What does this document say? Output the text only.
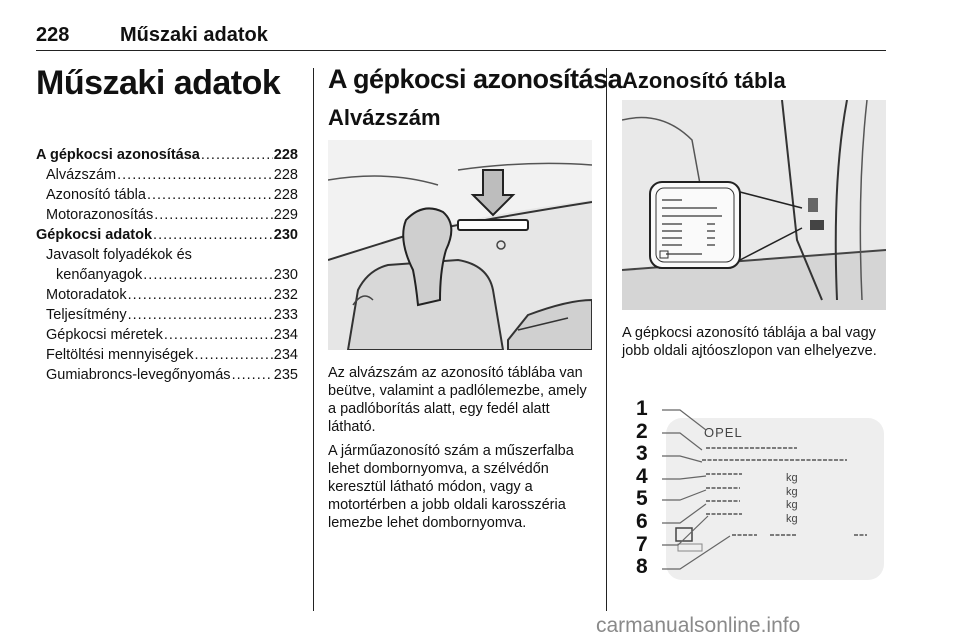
228	Műszaki adatok
Műszaki adatok
A gépkocsi azonosítása .....	228
Alvázszám .....	228
Azonosító tábla .....	228
Motorazonosítás .....	229
Gépkocsi adatok .....	230
Javasolt folyadékok és
kenőanyagok .....	230
Motoradatok .....	232
Teljesítmény .....	233
Gépkocsi méretek .....	234
Feltöltési mennyiségek .....	234
Gumiabroncs-levegőnyomás .....	235
A gépkocsi azonosítása
Alvázszám

Az alvázszám az azonosító táblába van beütve, valamint a padlólemezbe, amely a padlóborítás alatt, egy fedél alatt látható.

A járműazonosító szám a műszerfalba lehet dombornyomva, a szélvédőn keresztül látható módon, vagy a motortérben a jobb oldali karosszéria lemezbe lehet dombornyomva.

Azonosító tábla

A gépkocsi azonosító táblája a bal vagy jobb oldali ajtóoszlopon van elhelyezve.

OPEL
1
2
3
4
5
6
7
8
kg
kg
kg
kg
carmanualsonline.info
